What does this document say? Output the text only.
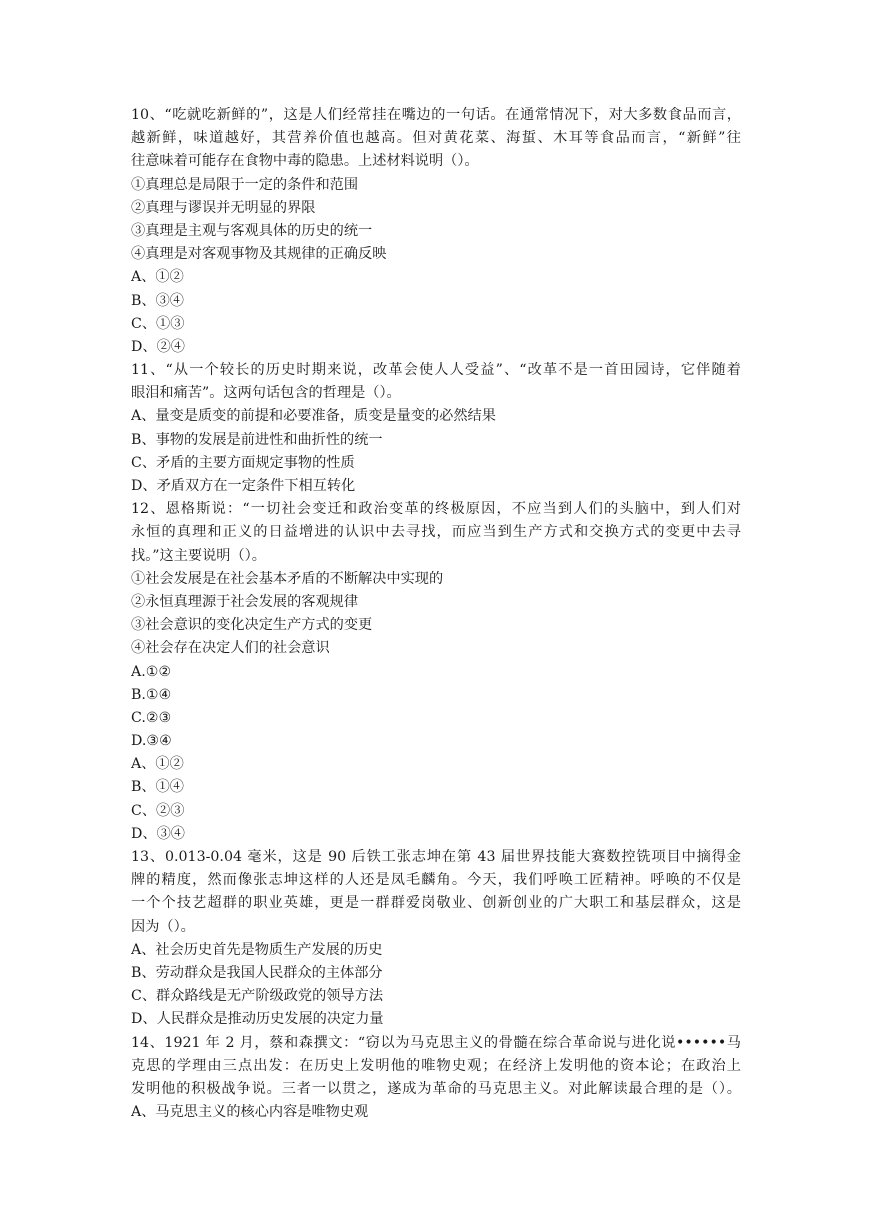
10、“吃就吃新鲜的”，这是人们经常挂在嘴边的一句话。在通常情况下，对大多数食品而言，
越新鲜，味道越好，其营养价值也越高。但对黄花菜、海蜇、木耳等食品而言，“新鲜”往
往意味着可能存在食物中毒的隐患。上述材料说明（）。
①真理总是局限于一定的条件和范围
②真理与谬误并无明显的界限
③真理是主观与客观具体的历史的统一
④真理是对客观事物及其规律的正确反映
A、①②
B、③④
C、①③
D、②④
11、“从一个较长的历史时期来说，改革会使人人受益”、“改革不是一首田园诗，它伴随着
眼泪和痛苦”。这两句话包含的哲理是（）。
A、量变是质变的前提和必要准备，质变是量变的必然结果
B、事物的发展是前进性和曲折性的统一
C、矛盾的主要方面规定事物的性质
D、矛盾双方在一定条件下相互转化
12、恩格斯说：“一切社会变迁和政治变革的终极原因，不应当到人们的头脑中，到人们对
永恒的真理和正义的日益增进的认识中去寻找，而应当到生产方式和交换方式的变更中去寻
找。”这主要说明（）。
①社会发展是在社会基本矛盾的不断解决中实现的
②永恒真理源于社会发展的客观规律
③社会意识的变化决定生产方式的变更
④社会存在决定人们的社会意识
A.①②
B.①④
C.②③
D.③④
A、①②
B、①④
C、②③
D、③④
13、0.013-0.04 毫米，这是 90 后铁工张志坤在第 43 届世界技能大赛数控铣项目中摘得金
牌的精度，然而像张志坤这样的人还是凤毛麟角。今天，我们呼唤工匠精神。呼唤的不仅是
一个个技艺超群的职业英雄，更是一群群爱岗敬业、创新创业的广大职工和基层群众，这是
因为（）。
A、社会历史首先是物质生产发展的历史
B、劳动群众是我国人民群众的主体部分
C、群众路线是无产阶级政党的领导方法
D、人民群众是推动历史发展的决定力量
14、1921 年 2 月，蔡和森撰文：“窃以为马克思主义的骨髓在综合革命说与进化说••••••马
克思的学理由三点出发：在历史上发明他的唯物史观；在经济上发明他的资本论；在政治上
发明他的积极战争说。三者一以贯之，遂成为革命的马克思主义。对此解读最合理的是（）。
A、马克思主义的核心内容是唯物史观
